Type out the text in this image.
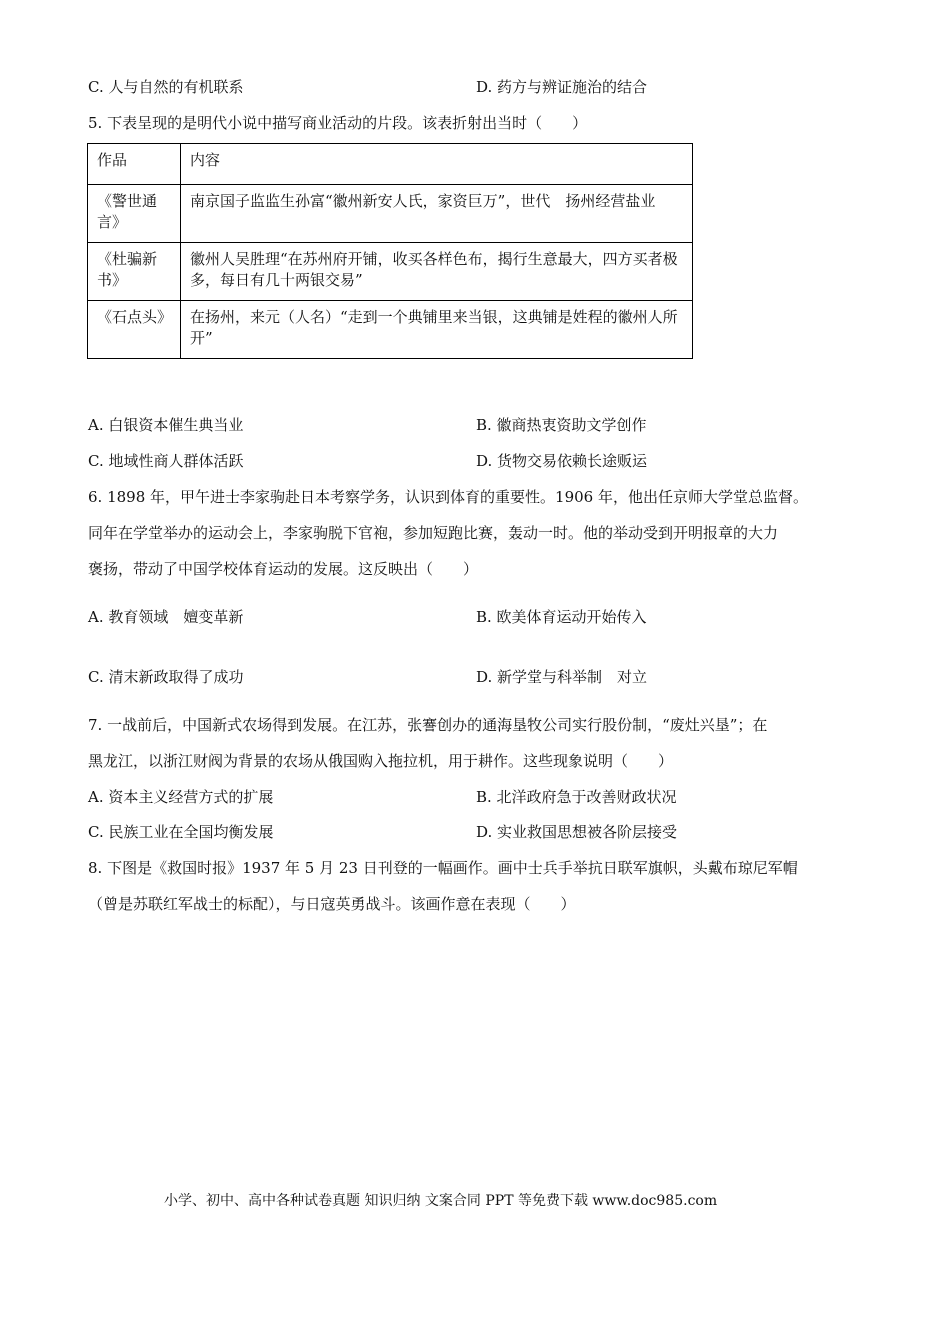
C. 人与自然的有机联系	D. 药方与辨证施治的结合
5. 下表呈现的是明代小说中描写商业活动的片段。该表折射出当时（　　）
作品	内容
《警世通言》	南京国子监监生孙富“徽州新安人氏，家资巨万”，世代　扬州经营盐业
《杜骗新书》	徽州人吴胜理“在苏州府开铺，收买各样色布，揭行生意最大，四方买者极多，每日有几十两银交易”
《石点头》	在扬州，来元（人名）“走到一个典铺里来当银，这典铺是姓程的徽州人所开”
A. 白银资本催生典当业	B. 徽商热衷资助文学创作
C. 地域性商人群体活跃	D. 货物交易依赖长途贩运
6. 1898 年，甲午进士李家驹赴日本考察学务，认识到体育的重要性。1906 年，他出任京师大学堂总监督。
同年在学堂举办的运动会上，李家驹脱下官袍，参加短跑比赛，轰动一时。他的举动受到开明报章的大力
褒扬，带动了中国学校体育运动的发展。这反映出（　　）
A. 教育领域　嬗变革新	B. 欧美体育运动开始传入
C. 清末新政取得了成功	D. 新学堂与科举制　对立
7. 一战前后，中国新式农场得到发展。在江苏，张謇创办的通海垦牧公司实行股份制，“废灶兴垦”；在
黑龙江，以浙江财阀为背景的农场从俄国购入拖拉机，用于耕作。这些现象说明（　　）
A. 资本主义经营方式的扩展	B. 北洋政府急于改善财政状况
C. 民族工业在全国均衡发展	D. 实业救国思想被各阶层接受
8. 下图是《救国时报》1937 年 5 月 23 日刊登的一幅画作。画中士兵手举抗日联军旗帜，头戴布琼尼军帽
（曾是苏联红军战士的标配），与日寇英勇战斗。该画作意在表现（　　）
小学、初中、高中各种试卷真题 知识归纳 文案合同 PPT 等免费下载 www.doc985.com
